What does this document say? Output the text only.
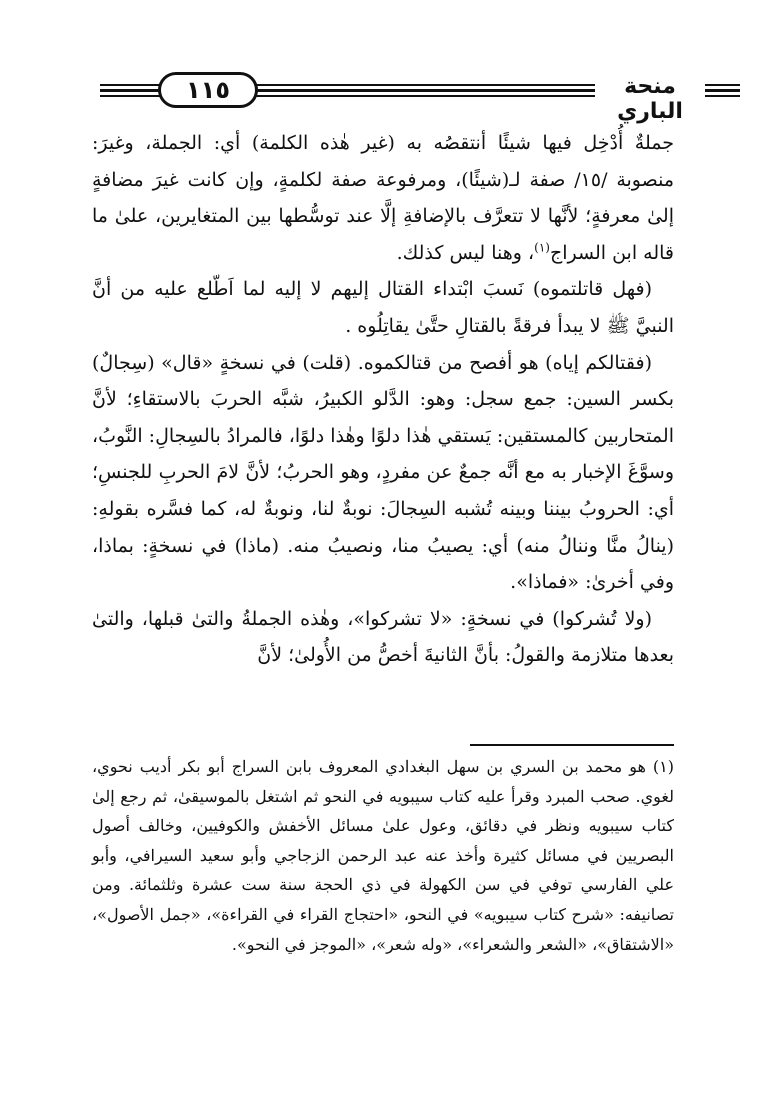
١١٥	منحة الباري

جملةٌ أُدْخِل فيها شيئًا أنتقصُه به (غير هٰذه الكلمة) أي: الجملة، وغيرَ: منصوبة /١٥/ صفة لـ(شيئًا)، ومرفوعة صفة لكلمةٍ، وإن كانت غيرَ مضافةٍ إلىٰ معرفةٍ؛ لأنَّها لا تتعرَّف بالإضافةِ إلَّا عند توسُّطها بين المتغايرين، علىٰ ما قاله ابن السراج$^{(١)}$، وهنا ليس كذلك.

(فهل قاتلتموه) نَسبَ ابْتداء القتال إليهم لا إليه لما اَطّلع عليه من أنَّ النبيَّ ﷺ لا يبدأ فرقةً بالقتالِ حتَّىٰ يقاتِلُوه .

(فقتالكم إياه) هو أفصح من قتالكموه. (قلت) في نسخةٍ «قال» (سِجالٌ) بكسر السين: جمع سجل: وهو: الدَّلو الكبيرُ، شبَّه الحربَ بالاستقاءِ؛ لأنَّ المتحاربين كالمستقين: يَستقي هٰذا دلوًا وهٰذا دلوًا، فالمرادُ بالسِجالِ: النَّوبُ، وسوَّغَ الإخبار به مع أنَّه جمعٌ عن مفردٍ، وهو الحربُ؛ لأنَّ لامَ الحربِ للجنسِ؛ أي: الحروبُ بيننا وبينه تُشبه السِجالَ: نوبةٌ لنا، ونوبةٌ له، كما فسَّره بقولهِ: (ينالُ منَّا وننالُ منه) أي: يصيبُ منا، ونصيبُ منه. (ماذا) في نسخةٍ: بماذا، وفي أخرىٰ: «فماذا».

(ولا تُشركوا) في نسخةٍ: «لا تشركوا»، وهٰذه الجملةُ والتىٰ قبلها، والتىٰ بعدها متلازمة والقولُ: بأنَّ الثانيةَ أخصُّ من الأُولىٰ؛ لأنَّ

(١) هو محمد بن السري بن سهل البغدادي المعروف بابن السراج أبو بكر أديب نحوي، لغوي. صحب المبرد وقرأ عليه كتاب سيبويه في النحو ثم اشتغل بالموسيقىٰ، ثم رجع إلىٰ كتاب سيبويه ونظر في دقائق، وعول علىٰ مسائل الأخفش والكوفيين، وخالف أصول البصريين في مسائل كثيرة وأخذ عنه عبد الرحمن الزجاجي وأبو سعيد السيرافي، وأبو علي الفارسي توفي في سن الكهولة في ذي الحجة سنة ست عشرة وثلثمائة. ومن تصانيفه: «شرح كتاب سيبويه» في النحو، «احتجاج القراء في القراءة»، «جمل الأصول»، «الاشتقاق»، «الشعر والشعراء»، «وله شعر»، «الموجز في النحو».
